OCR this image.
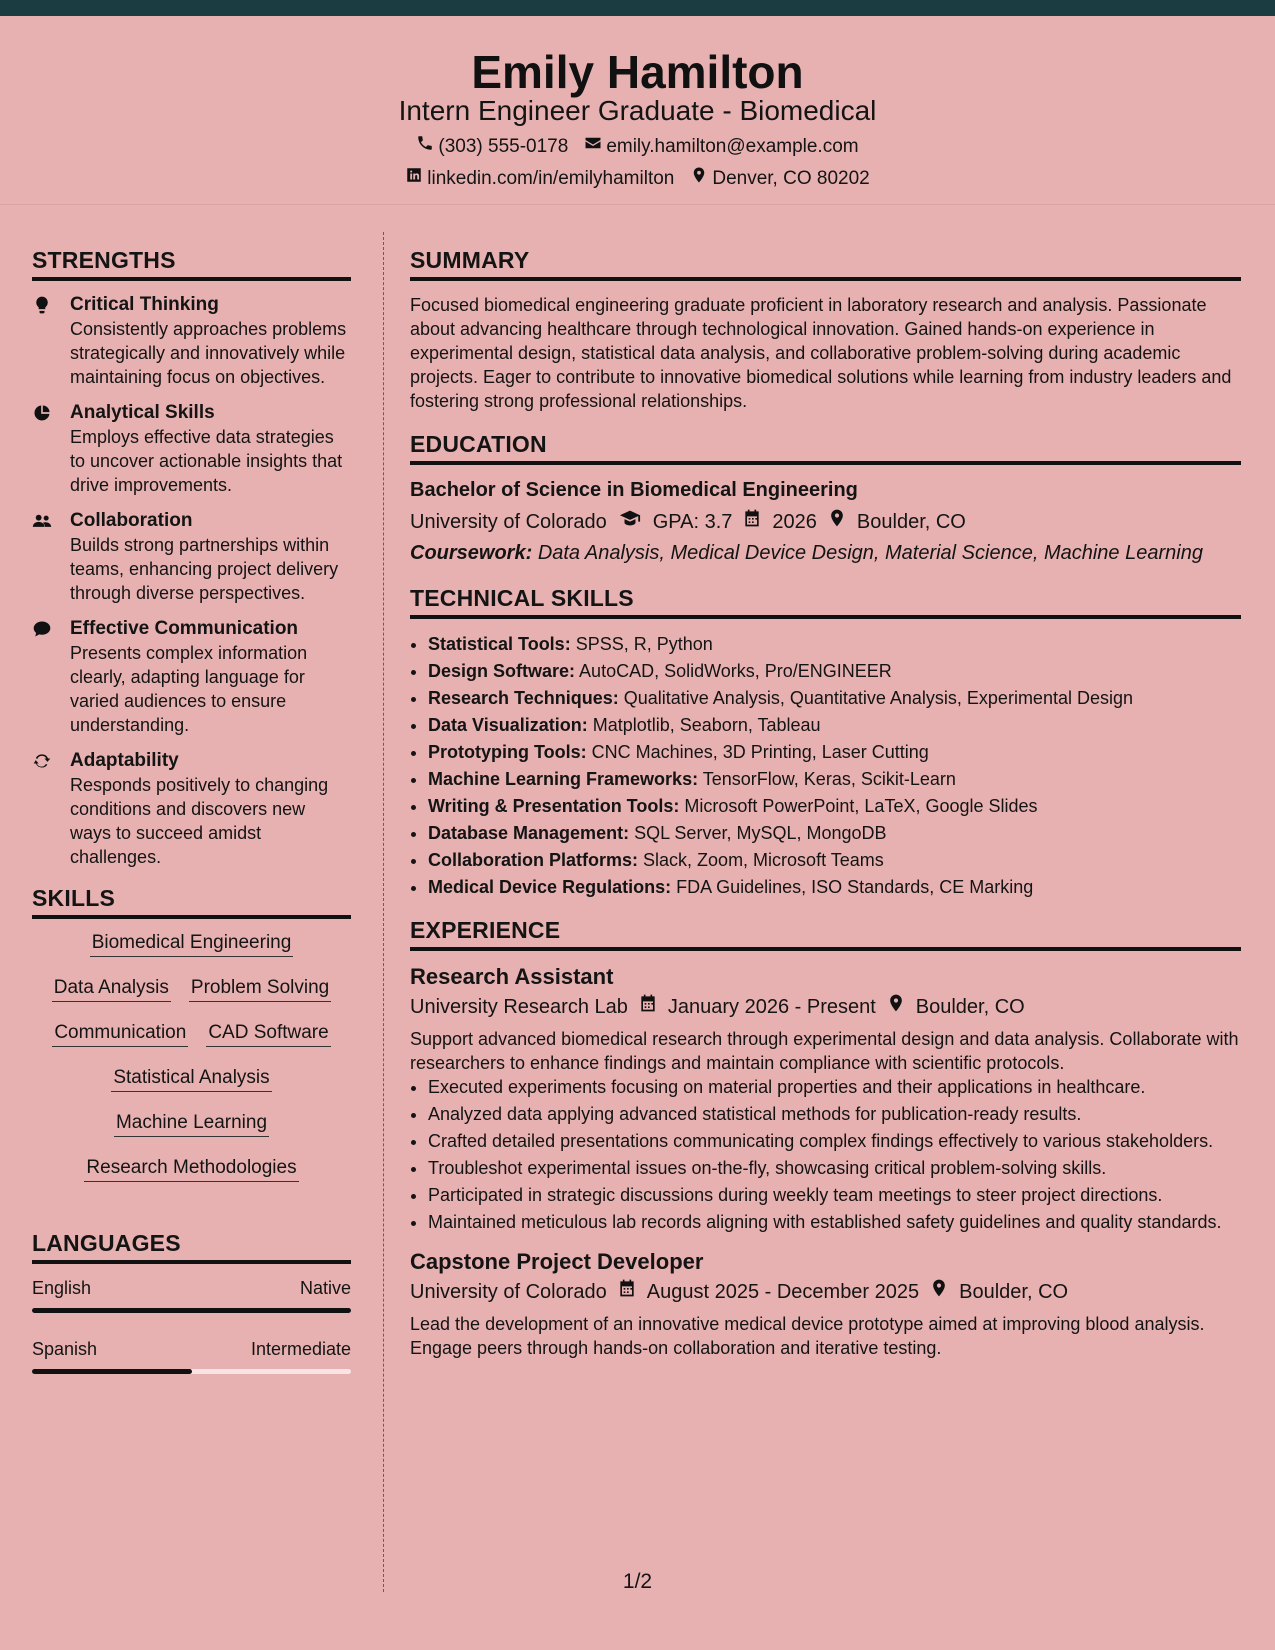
Emily Hamilton
Intern Engineer Graduate - Biomedical
(303) 555-0178 emily.hamilton@example.com
linkedin.com/in/emilyhamilton Denver, CO 80202
STRENGTHS
Critical Thinking
Consistently approaches problems strategically and innovatively while maintaining focus on objectives.
Analytical Skills
Employs effective data strategies to uncover actionable insights that drive improvements.
Collaboration
Builds strong partnerships within teams, enhancing project delivery through diverse perspectives.
Effective Communication
Presents complex information clearly, adapting language for varied audiences to ensure understanding.
Adaptability
Responds positively to changing conditions and discovers new ways to succeed amidst challenges.
SKILLS
Biomedical Engineering
Data Analysis Problem Solving
Communication CAD Software
Statistical Analysis
Machine Learning
Research Methodologies
LANGUAGES
English	Native
Spanish	Intermediate
SUMMARY
Focused biomedical engineering graduate proficient in laboratory research and analysis. Passionate about advancing healthcare through technological innovation. Gained hands-on experience in experimental design, statistical data analysis, and collaborative problem-solving during academic projects. Eager to contribute to innovative biomedical solutions while learning from industry leaders and fostering strong professional relationships.
EDUCATION
Bachelor of Science in Biomedical Engineering
University of Colorado GPA: 3.7 2026 Boulder, CO
Coursework: Data Analysis, Medical Device Design, Material Science, Machine Learning
TECHNICAL SKILLS
• Statistical Tools: SPSS, R, Python
• Design Software: AutoCAD, SolidWorks, Pro/ENGINEER
• Research Techniques: Qualitative Analysis, Quantitative Analysis, Experimental Design
• Data Visualization: Matplotlib, Seaborn, Tableau
• Prototyping Tools: CNC Machines, 3D Printing, Laser Cutting
• Machine Learning Frameworks: TensorFlow, Keras, Scikit-Learn
• Writing & Presentation Tools: Microsoft PowerPoint, LaTeX, Google Slides
• Database Management: SQL Server, MySQL, MongoDB
• Collaboration Platforms: Slack, Zoom, Microsoft Teams
• Medical Device Regulations: FDA Guidelines, ISO Standards, CE Marking
EXPERIENCE
Research Assistant
University Research Lab January 2026 - Present Boulder, CO
Support advanced biomedical research through experimental design and data analysis. Collaborate with researchers to enhance findings and maintain compliance with scientific protocols.
• Executed experiments focusing on material properties and their applications in healthcare.
• Analyzed data applying advanced statistical methods for publication-ready results.
• Crafted detailed presentations communicating complex findings effectively to various stakeholders.
• Troubleshot experimental issues on-the-fly, showcasing critical problem-solving skills.
• Participated in strategic discussions during weekly team meetings to steer project directions.
• Maintained meticulous lab records aligning with established safety guidelines and quality standards.
Capstone Project Developer
University of Colorado August 2025 - December 2025 Boulder, CO
Lead the development of an innovative medical device prototype aimed at improving blood analysis. Engage peers through hands-on collaboration and iterative testing.
1/2
